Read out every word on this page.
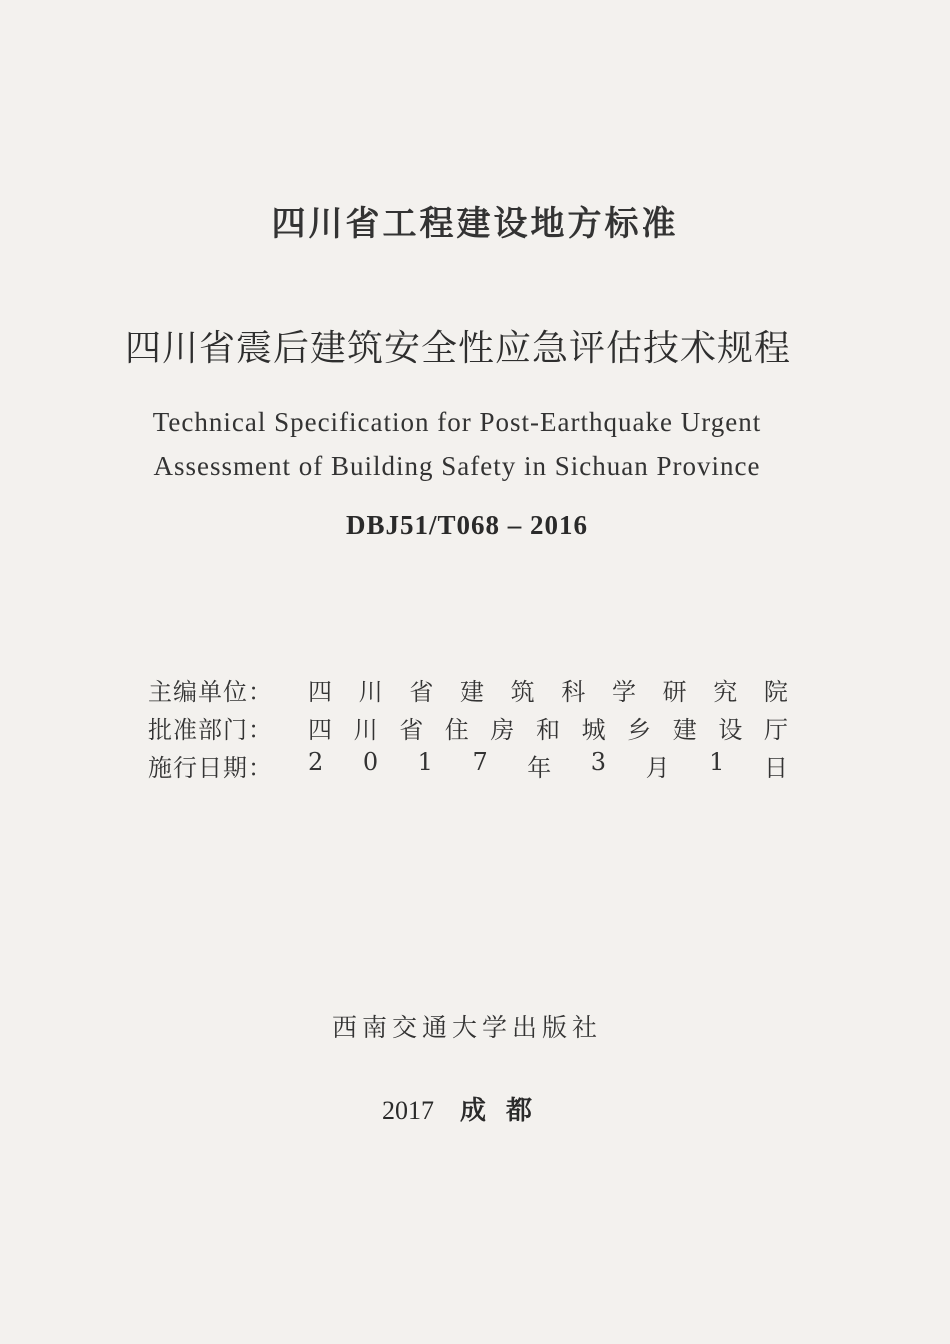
四川省工程建设地方标准
四川省震后建筑安全性应急评估技术规程
Technical Specification for Post-Earthquake Urgent
Assessment of Building Safety in Sichuan Province
DBJ51/T068 – 2016
主编单位：	四 川 省 建 筑 科 学 研 究 院
批准部门：	四 川 省 住 房 和 城 乡 建 设 厅
施行日期：	2 0 1 7 年 3 月 1 日
西南交通大学出版社
2017 成都
